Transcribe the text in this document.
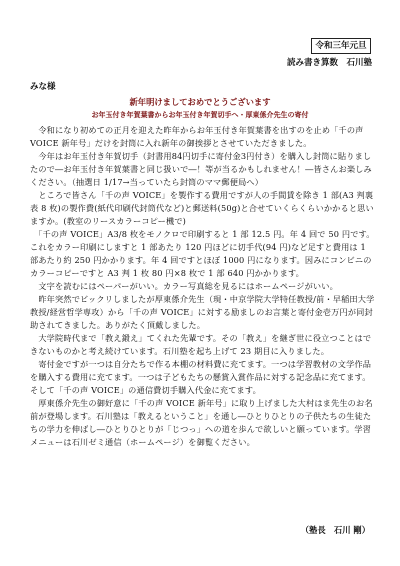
令和三年元旦
読み書き算数　石川塾
みな様
新年明けましておめでとうございます
お年玉付き年賀葉書からお年玉付き年賀切手へ・厚東係介先生の寄付

　令和になり初めての正月を迎えた昨年からお年玉付き年賀葉書を出すのを止め「千の声 VOICE 新年号」だけを封筒に入れ新年の御挨拶とさせていただきました。

　今年はお年玉付き年賀切手（封書用84円切手に寄付金3円付き）を購入し封筒に貼りましたので―お年玉付き年賀葉書と同じ扱いで―！等が当るかもしれません！―皆さんお楽しみください。（抽選日 1/17→当っていたら封筒のママ郵便局へ）

　ところで皆さん「千の声 VOICE」を製作する費用ですが人の手間賃を除き 1 部(A3 判裏表 8 枚)の製作費(紙代印刷代封筒代など)と郵送料(50g)と合せていくらくらいかかると思いますか。(教室のリースカラーコピー機で)

　「千の声 VOICE」A3/8 枚をモノクロで印刷すると 1 部 12.5 円。年 4 回で 50 円です。これをカラー印刷にしますと 1 部あたり 120 円ほどに切手代(94 円)など足すと費用は 1 部あたり約 250 円かかります。年 4 回ですとほぼ 1000 円になります。因みにコンビニのカラーコピーですと A3 判 1 枚 80 円×8 枚で 1 部 640 円かかります。

　文字を読むにはペーパーがいい。カラー写真総を見るにはホームページがいい。

　昨年突然でビックリしましたが厚東係介先生（現・中京学院大学特任教授/前・早稲田大学教授/経営哲学専攻）から「千の声 VOICE」に対する励ましのお言葉と寄付金壱万円が同封助されてきました。ありがたく頂戴しました。

　大学院時代まで「教え鍛え」てくれた先輩です。その「教え」を継ぎ世に役立つことはできないものかと考え続けています。石川塾を起ち上げて 23 期目に入りました。

　寄付金ですが一つは自分たちで作る本棚の材料費に充てます。一つは学習教材の文学作品を購入する費用に充てます。一つは子どもたちの懸賞入賞作品に対する記念品に充てます。そして「千の声 VOICE」の通信費切手購入代金に充てます。

　厚東係介先生の御好意に「千の声 VOICE 新年号」に取り上げました大村はま先生のお名前が登場します。石川塾は「教えるということ」を通し―ひとりひとりの子供たちの生徒たちの学力を伸ばし―ひとりひとりが「じつっ」への道を歩んで欲しいと願っています。学習メニューは石川ゼミ通信（ホームページ）を御覧ください。

（塾長　石川 剛）
